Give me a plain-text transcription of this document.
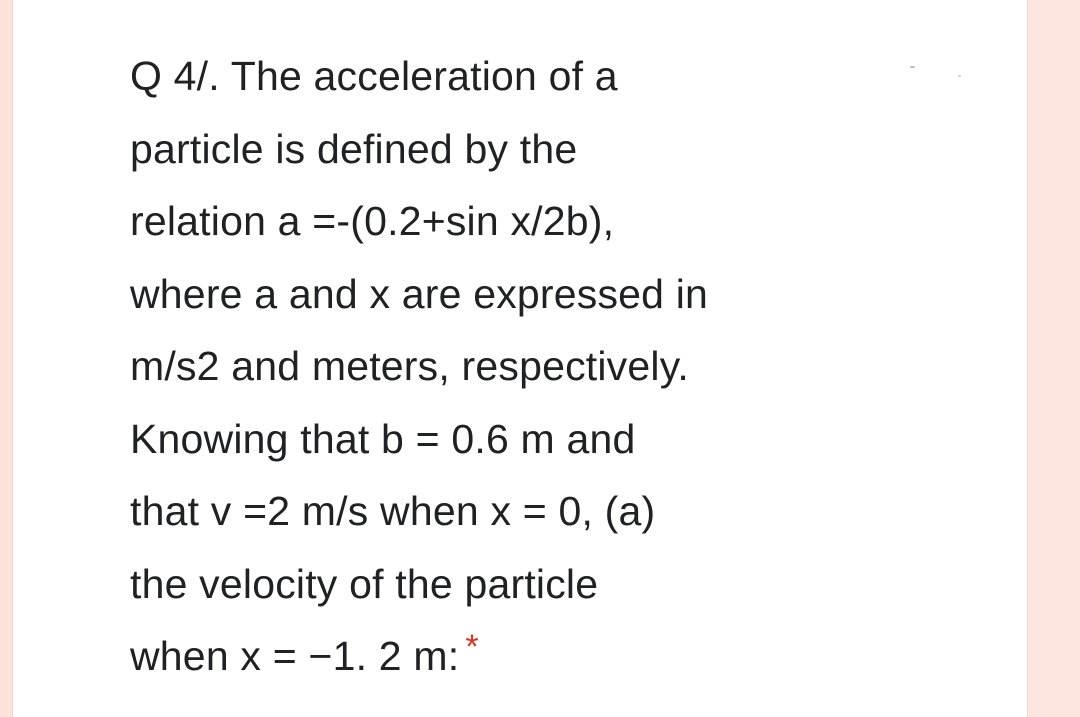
Q 4/. The acceleration of a
particle is defined by the
relation a =-(0.2+sin x/2b),
where a and x are expressed in
m/s2 and meters, respectively.
Knowing that b = 0.6 m and
that v =2 m/s when x = 0, (a)
the velocity of the particle
when x = −1. 2 m: *
